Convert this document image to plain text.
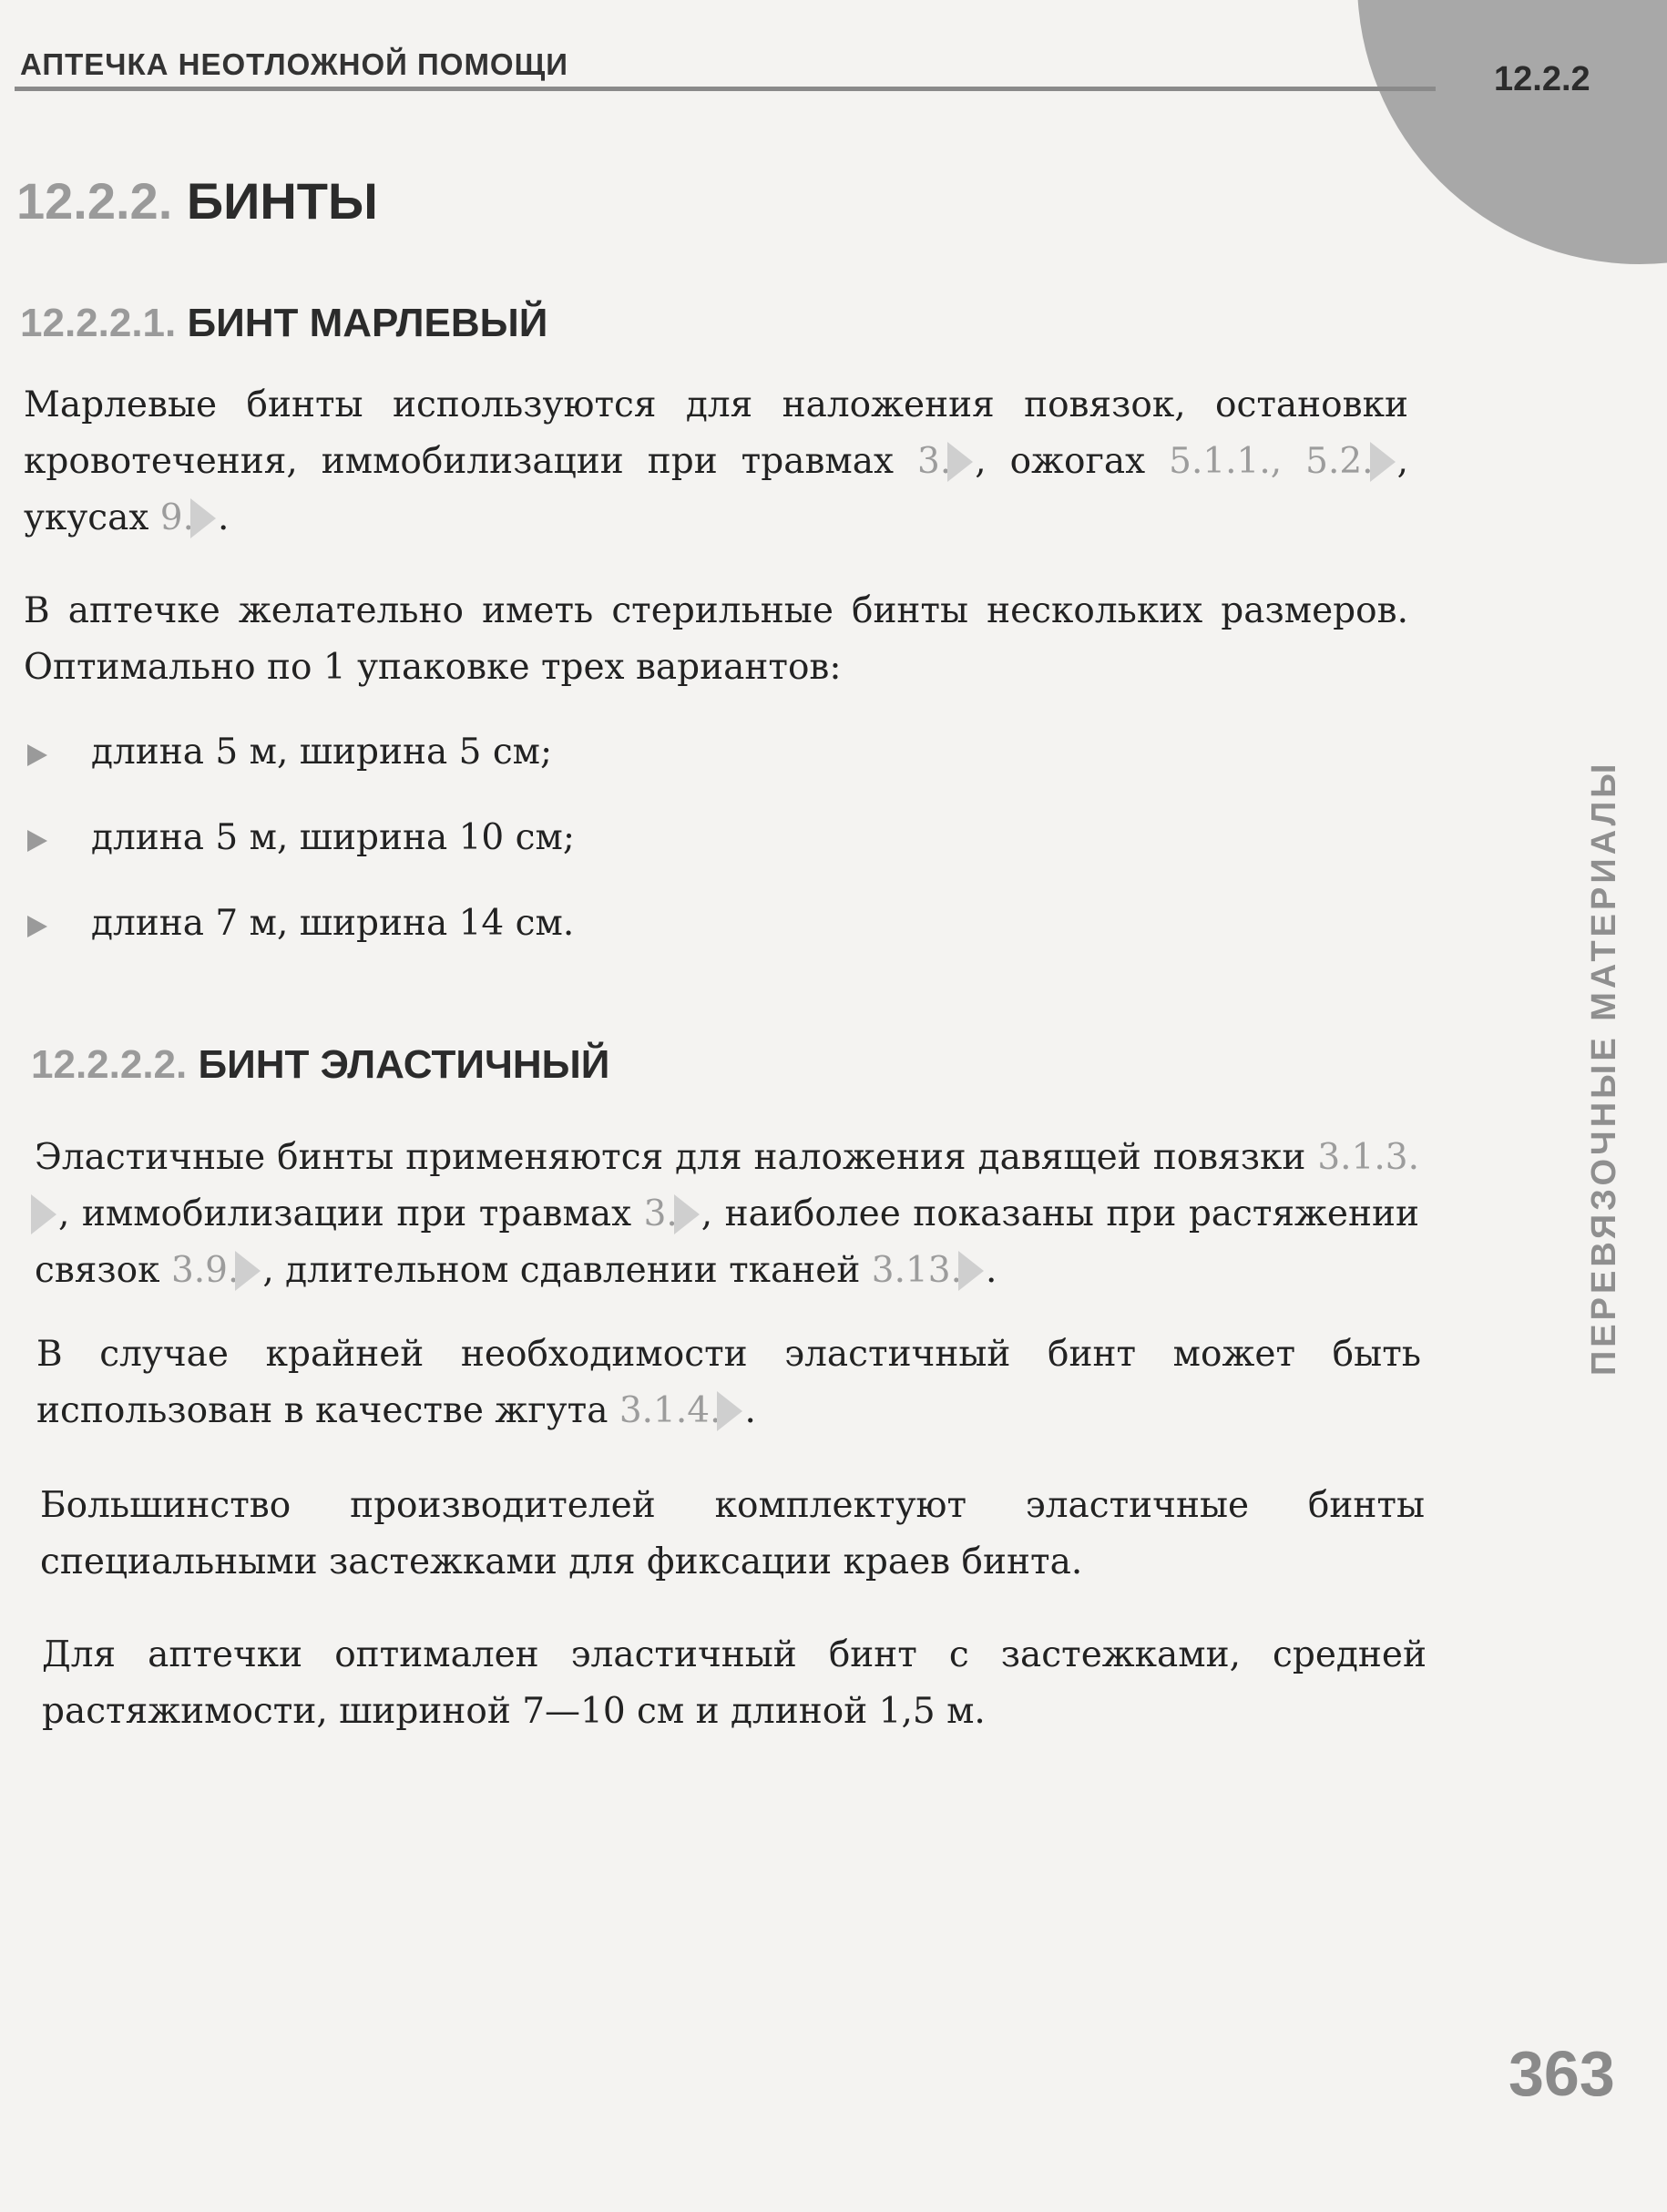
12.2.2
АПТЕЧКА НЕОТЛОЖНОЙ ПОМОЩИ
12.2.2. БИНТЫ
12.2.2.1. БИНТ МАРЛЕВЫЙ

Марлевые бинты используются для наложения повязок, остановки кровотечения, иммобилизации при травмах 3. , ожогах 5.1.1., 5.2. , укусах 9. .

В аптечке желательно иметь стерильные бинты нескольких размеров. Оптимально по 1 упаковке трех вариантов:

длина 5 м, ширина 5 см;
длина 5 м, ширина 10 см;
длина 7 м, ширина 14 см.
12.2.2.2. БИНТ ЭЛАСТИЧНЫЙ

Эластичные бинты применяются для наложения давящей повязки 3.1.3., иммобилизации при травмах 3. , наиболее показаны при растяжении связок 3.9. , длительном сдавлении тканей 3.13. .

В случае крайней необходимости эластичный бинт может быть использован в качестве жгута 3.1.4. .

Большинство производителей комплектуют эластичные бинты специальными застежками для фиксации краев бинта.

Для аптечки оптимален эластичный бинт с застежками, средней растяжимости, шириной 7—10 см и длиной 1,5 м.

ПЕРЕВЯЗОЧНЫЕ МАТЕРИАЛЫ
363
